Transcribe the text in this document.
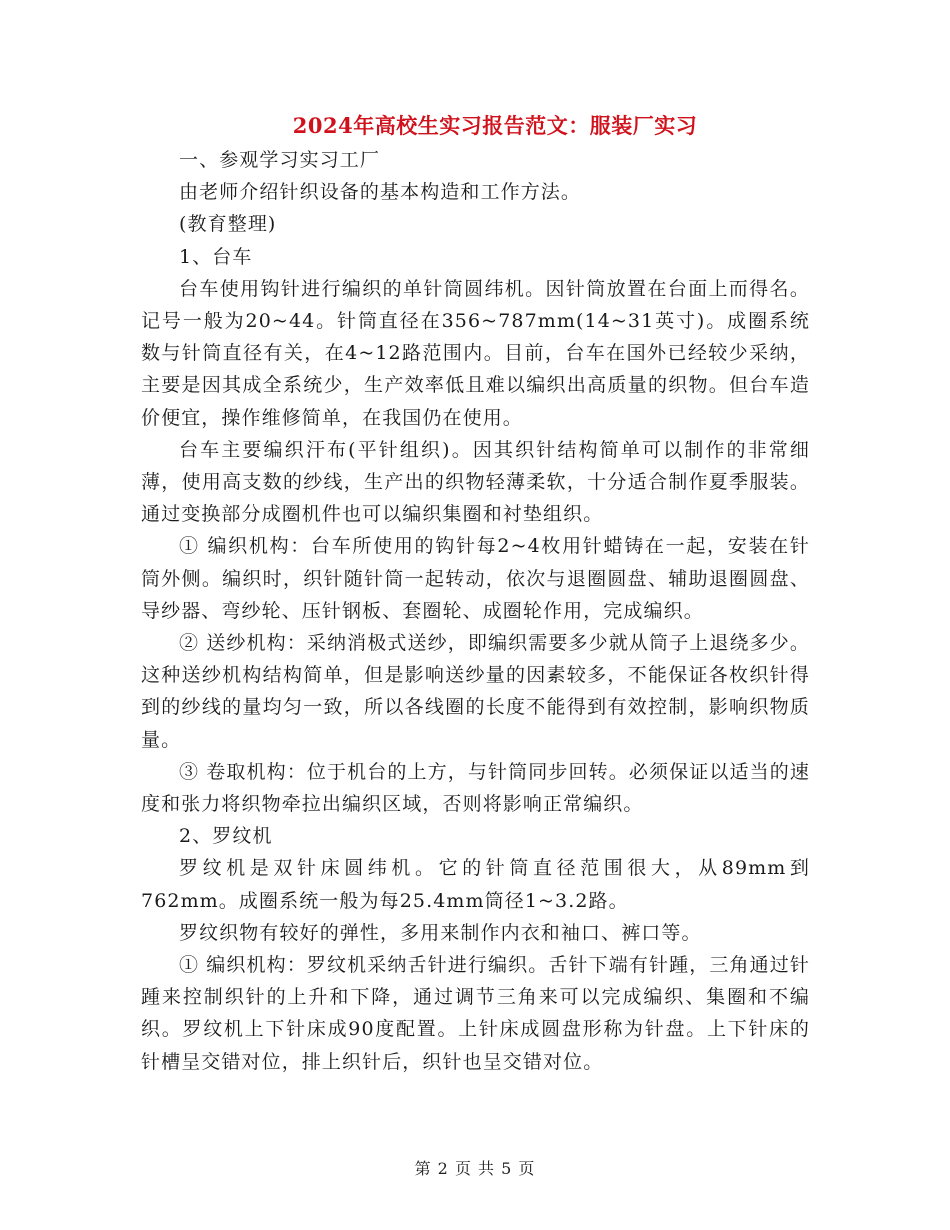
2024年高校生实习报告范文：服装厂实习

一、参观学习实习工厂

由老师介绍针织设备的基本构造和工作方法。

(教育整理)

1、台车

台车使用钩针进行编织的单针筒圆纬机。因针筒放置在台面上而得名。记号一般为20~44。针筒直径在356~787mm(14~31英寸)。成圈系统数与针筒直径有关，在4~12路范围内。目前，台车在国外已经较少采纳，主要是因其成全系统少，生产效率低且难以编织出高质量的织物。但台车造价便宜，操作维修简单，在我国仍在使用。

台车主要编织汗布(平针组织)。因其织针结构简单可以制作的非常细薄，使用高支数的纱线，生产出的织物轻薄柔软，十分适合制作夏季服装。通过变换部分成圈机件也可以编织集圈和衬垫组织。

① 编织机构：台车所使用的钩针每2~4枚用针蜡铸在一起，安装在针筒外侧。编织时，织针随针筒一起转动，依次与退圈圆盘、辅助退圈圆盘、导纱器、弯纱轮、压针钢板、套圈轮、成圈轮作用，完成编织。

② 送纱机构：采纳消极式送纱，即编织需要多少就从筒子上退绕多少。这种送纱机构结构简单，但是影响送纱量的因素较多，不能保证各枚织针得到的纱线的量均匀一致，所以各线圈的长度不能得到有效控制，影响织物质量。

③ 卷取机构：位于机台的上方，与针筒同步回转。必须保证以适当的速度和张力将织物牵拉出编织区域，否则将影响正常编织。

2、罗纹机

罗纹机是双针床圆纬机。它的针筒直径范围很大，从89mm到762mm。成圈系统一般为每25.4mm筒径1~3.2路。

罗纹织物有较好的弹性，多用来制作内衣和袖口、裤口等。

① 编织机构：罗纹机采纳舌针进行编织。舌针下端有针踵，三角通过针踵来控制织针的上升和下降，通过调节三角来可以完成编织、集圈和不编织。罗纹机上下针床成90度配置。上针床成圆盘形称为针盘。上下针床的针槽呈交错对位，排上织针后，织针也呈交错对位。

第 2 页 共 5 页
